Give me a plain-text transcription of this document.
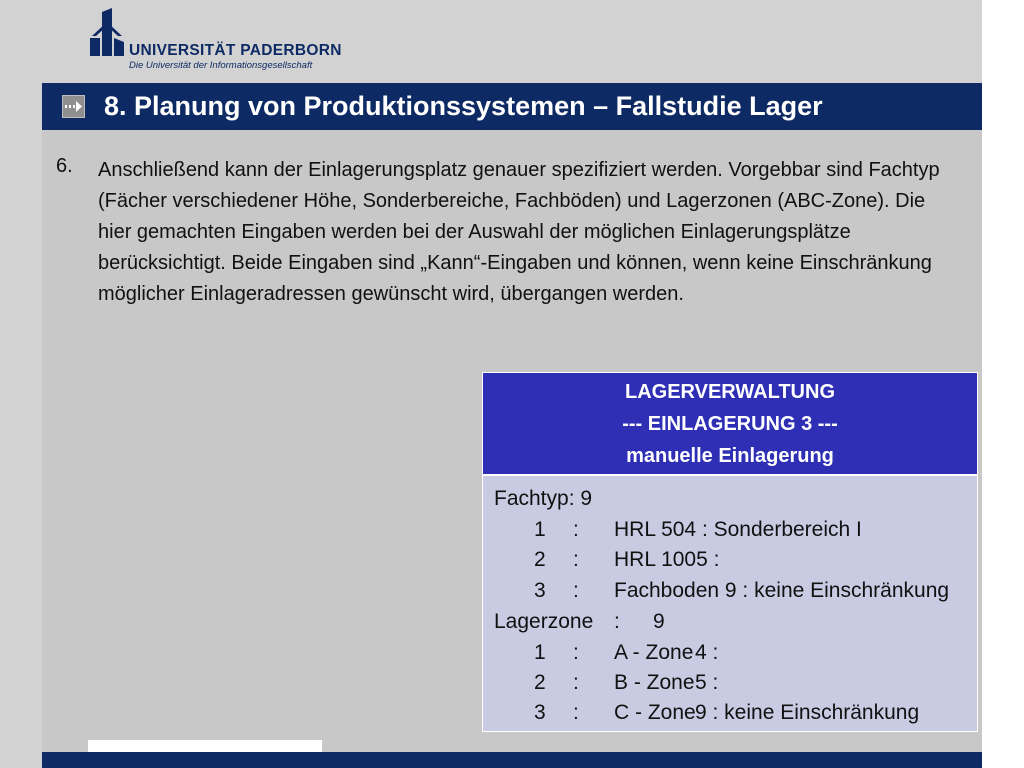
UNIVERSITÄT PADERBORN
Die Universität der Informationsgesellschaft
8. Planung von Produktionssystemen – Fallstudie Lager
6. Anschließend kann der Einlagerungsplatz genauer spezifiziert werden. Vorgebbar sind Fachtyp (Fächer verschiedener Höhe, Sonderbereiche, Fachböden) und Lagerzonen (ABC-Zone). Die hier gemachten Eingaben werden bei der Auswahl der möglichen Einlagerungsplätze berücksichtigt. Beide Eingaben sind „Kann“-Eingaben und können, wenn keine Einschränkung möglicher Einlageradressen gewünscht wird, übergangen werden.
LAGERVERWALTUNG
--- EINLAGERUNG 3 ---
manuelle Einlagerung
Fachtyp: 9
1 : HRL 504 : Sonderbereich I
2 : HRL 1005 :
3 : Fachboden 9 : keine Einschränkung
Lagerzone : 9
1 : A - Zone 4 :
2 : B - Zone 5 :
3 : C - Zone 9 : keine Einschränkung
